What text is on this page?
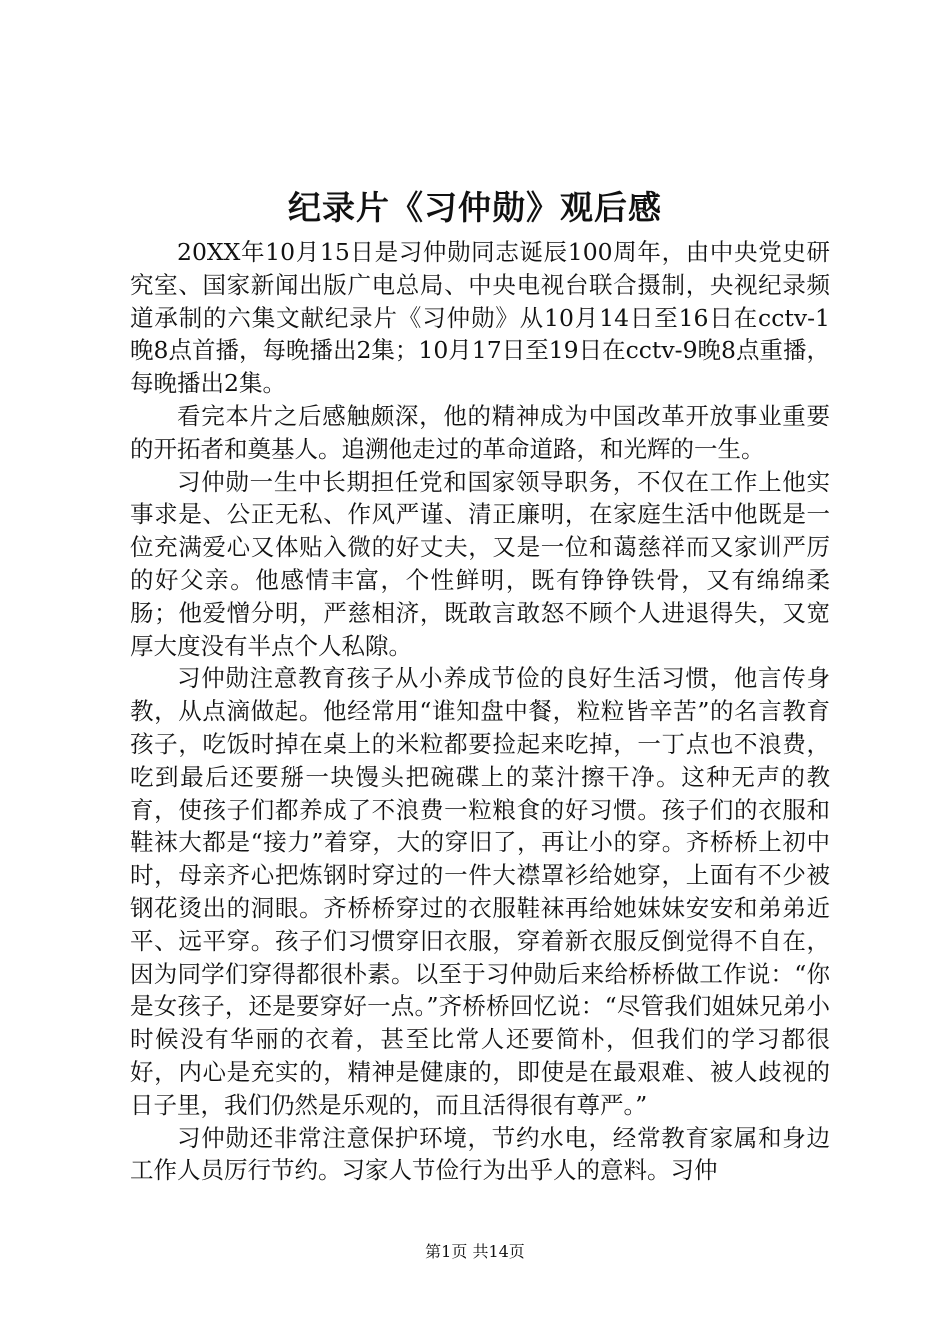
纪录片《习仲勋》观后感

20XX年10月15日是习仲勋同志诞辰100周年，由中央党史研究室、国家新闻出版广电总局、中央电视台联合摄制，央视纪录频道承制的六集文献纪录片《习仲勋》从10月14日至16日在cctv-1晚8点首播，每晚播出2集；10月17日至19日在cctv-9晚8点重播，每晚播出2集。

看完本片之后感触颇深，他的精神成为中国改革开放事业重要的开拓者和奠基人。追溯他走过的革命道路，和光辉的一生。

习仲勋一生中长期担任党和国家领导职务，不仅在工作上他实事求是、公正无私、作风严谨、清正廉明，在家庭生活中他既是一位充满爱心又体贴入微的好丈夫，又是一位和蔼慈祥而又家训严厉的好父亲。他感情丰富，个性鲜明，既有铮铮铁骨，又有绵绵柔肠；他爱憎分明，严慈相济，既敢言敢怒不顾个人进退得失，又宽厚大度没有半点个人私隙。

习仲勋注意教育孩子从小养成节俭的良好生活习惯，他言传身教，从点滴做起。他经常用“谁知盘中餐，粒粒皆辛苦”的名言教育孩子，吃饭时掉在桌上的米粒都要捡起来吃掉，一丁点也不浪费，吃到最后还要掰一块馒头把碗碟上的菜汁擦干净。这种无声的教育，使孩子们都养成了不浪费一粒粮食的好习惯。孩子们的衣服和鞋袜大都是“接力”着穿，大的穿旧了，再让小的穿。齐桥桥上初中时，母亲齐心把炼钢时穿过的一件大襟罩衫给她穿，上面有不少被钢花烫出的洞眼。齐桥桥穿过的衣服鞋袜再给她妹妹安安和弟弟近平、远平穿。孩子们习惯穿旧衣服，穿着新衣服反倒觉得不自在，因为同学们穿得都很朴素。以至于习仲勋后来给桥桥做工作说：“你是女孩子，还是要穿好一点。”齐桥桥回忆说：“尽管我们姐妹兄弟小时候没有华丽的衣着，甚至比常人还要简朴，但我们的学习都很好，内心是充实的，精神是健康的，即使是在最艰难、被人歧视的日子里，我们仍然是乐观的，而且活得很有尊严。”

习仲勋还非常注意保护环境，节约水电，经常教育家属和身边工作人员厉行节约。习家人节俭行为出乎人的意料。习仲

第1页 共14页
